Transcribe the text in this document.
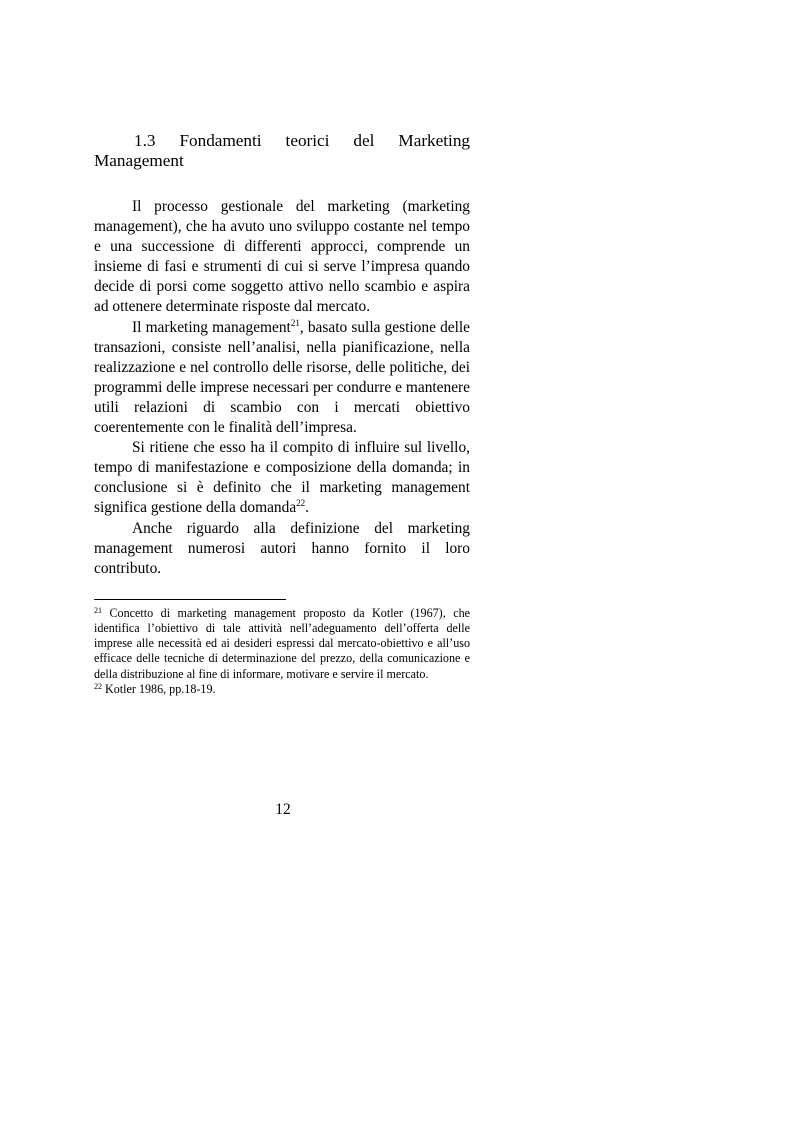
1.3 Fondamenti teorici del Marketing Management

Il processo gestionale del marketing (marketing management), che ha avuto uno sviluppo costante nel tempo e una successione di differenti approcci, comprende un insieme di fasi e strumenti di cui si serve l’impresa quando decide di porsi come soggetto attivo nello scambio e aspira ad ottenere determinate risposte dal mercato.

Il marketing management$^{21}$, basato sulla gestione delle transazioni, consiste nell’analisi, nella pianificazione, nella realizzazione e nel controllo delle risorse, delle politiche, dei programmi delle imprese necessari per condurre e mantenere utili relazioni di scambio con i mercati obiettivo coerentemente con le finalità dell’impresa.

Si ritiene che esso ha il compito di influire sul livello, tempo di manifestazione e composizione della domanda; in conclusione si è definito che il marketing management significa gestione della domanda$^{22}$.

Anche riguardo alla definizione del marketing management numerosi autori hanno fornito il loro contributo.

$^{21}$ Concetto di marketing management proposto da Kotler (1967), che identifica l’obiettivo di tale attività nell’adeguamento dell’offerta delle imprese alle necessità ed ai desideri espressi dal mercato-obiettivo e all’uso efficace delle tecniche di determinazione del prezzo, della comunicazione e della distribuzione al fine di informare, motivare e servire il mercato.

$^{22}$ Kotler 1986, pp.18-19.

12
